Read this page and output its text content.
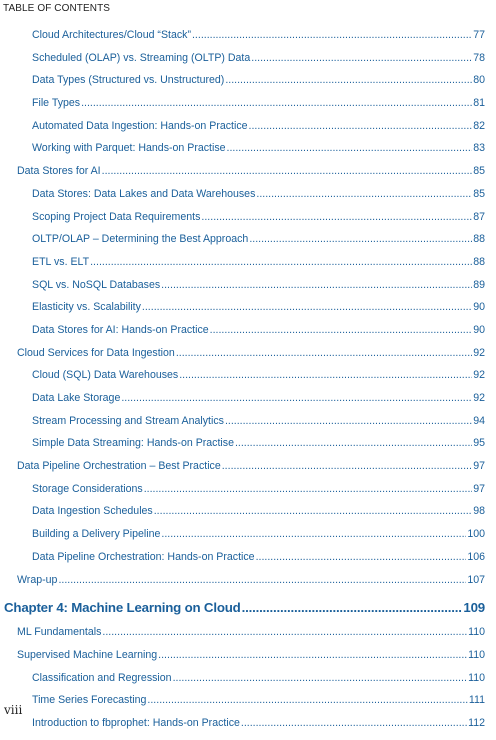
TABLE OF CONTENTS
Cloud Architectures/Cloud “Stack” .....	77
Scheduled (OLAP) vs. Streaming (OLTP) Data .....	78
Data Types (Structured vs. Unstructured) .....	80
File Types .....	81
Automated Data Ingestion: Hands-on Practice .....	82
Working with Parquet: Hands-on Practise .....	83
Data Stores for AI .....	85
Data Stores: Data Lakes and Data Warehouses .....	85
Scoping Project Data Requirements .....	87
OLTP/OLAP – Determining the Best Approach .....	88
ETL vs. ELT .....	88
SQL vs. NoSQL Databases .....	89
Elasticity vs. Scalability .....	90
Data Stores for AI: Hands-on Practice .....	90
Cloud Services for Data Ingestion .....	92
Cloud (SQL) Data Warehouses .....	92
Data Lake Storage .....	92
Stream Processing and Stream Analytics .....	94
Simple Data Streaming: Hands-on Practise .....	95
Data Pipeline Orchestration – Best Practice .....	97
Storage Considerations .....	97
Data Ingestion Schedules .....	98
Building a Delivery Pipeline .....	100
Data Pipeline Orchestration: Hands-on Practice .....	106
Wrap-up .....	107
Chapter 4: Machine Learning on Cloud .....	109
ML Fundamentals .....	110
Supervised Machine Learning .....	110
Classification and Regression .....	110
Time Series Forecasting .....	111
Introduction to fbprophet: Hands-on Practice .....	112
viii
